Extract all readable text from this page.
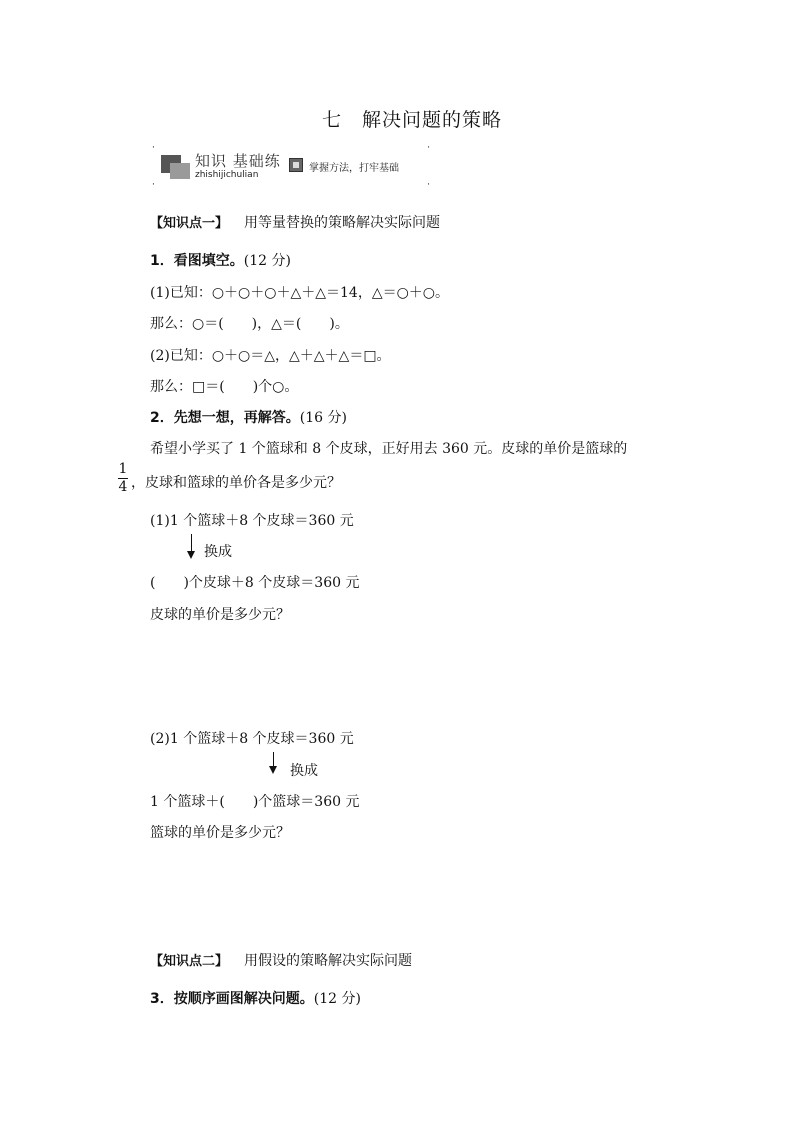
七　解决问题的策略
·	·
·	·
知识 基础练
zhishijichulian
掌握方法，打牢基础
【知识点一】 用等量替换的策略解决实际问题
1．看图填空。(12 分)
(1)已知：○＋○＋○＋△＋△＝14，△＝○＋○。
那么：○＝(　　)，△＝(　　)。
(2)已知：○＋○＝△，△＋△＋△＝□。
那么：□＝(　　)个○。
2．先想一想，再解答。(16 分)
希望小学买了 1 个篮球和 8 个皮球，正好用去 360 元。皮球的单价是篮球的
1
4 ，皮球和篮球的单价各是多少元？
(1)1 个篮球＋8 个皮球＝360 元
换成
(　　)个皮球＋8 个皮球＝360 元
皮球的单价是多少元？
(2)1 个篮球＋8 个皮球＝360 元
换成
1 个篮球＋(　　)个篮球＝360 元
篮球的单价是多少元？
【知识点二】 用假设的策略解决实际问题
3．按顺序画图解决问题。(12 分)
